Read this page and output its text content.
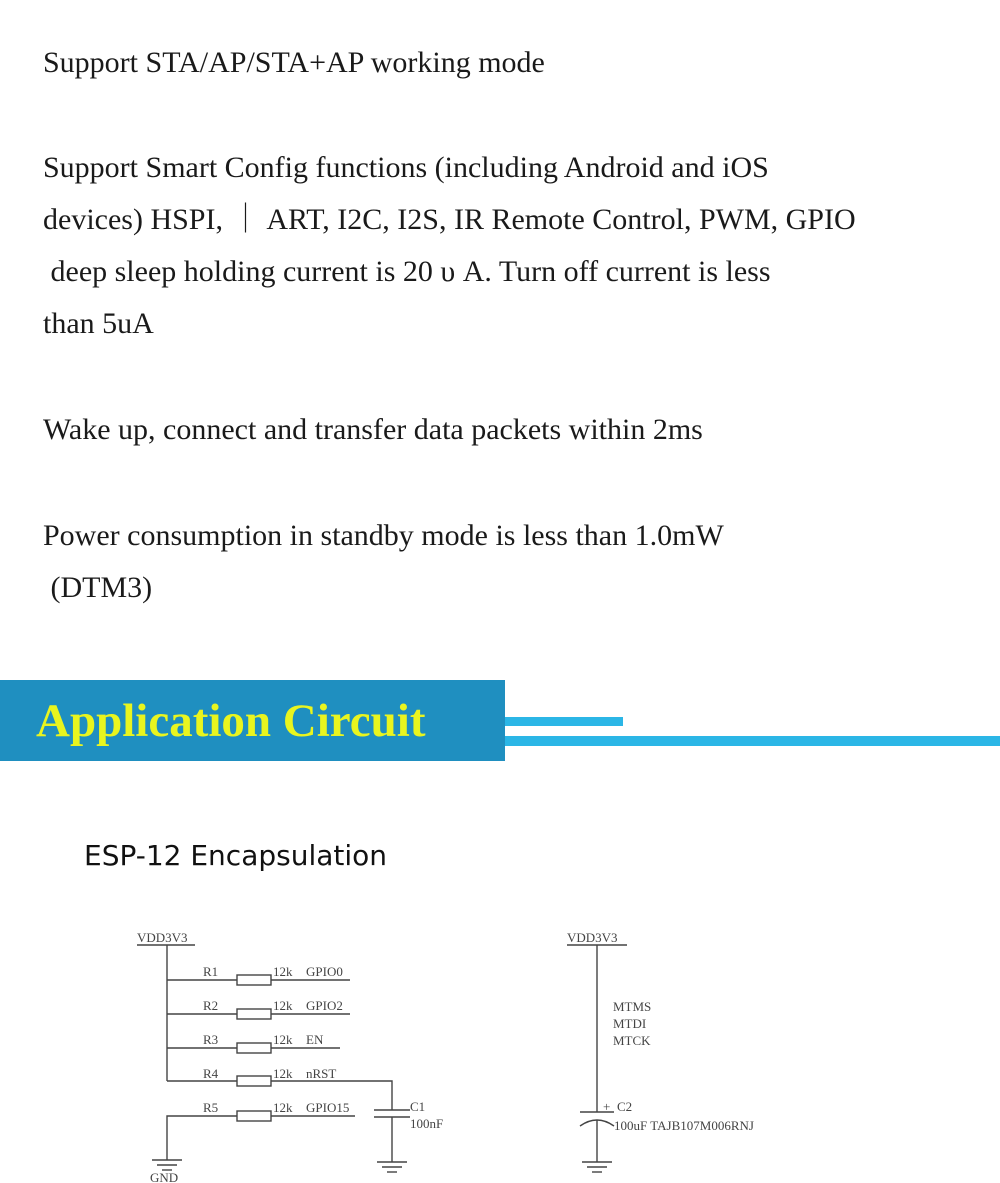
Support STA/AP/STA+AP working mode
Support Smart Config functions (including Android and iOS
devices) HSPI, ｜ ART, I2C, I2S, IR Remote Control, PWM, GPIO
deep sleep holding current is 20 υ A. Turn off current is less
than 5uA
Wake up, connect and transfer data packets within 2ms
Power consumption in standby mode is less than 1.0mW
(DTM3)
Application Circuit
ESP-12 Encapsulation
VDD3V3
R1	12k GPIO0
R2	12k GPIO2
R3	12k EN
R4	12k nRST
R5	12k GPIO15
GND
C1
100nF
VDD3V3
MTMS
MTDI
MTCK
+ C2
100uF TAJB107M006RNJ
